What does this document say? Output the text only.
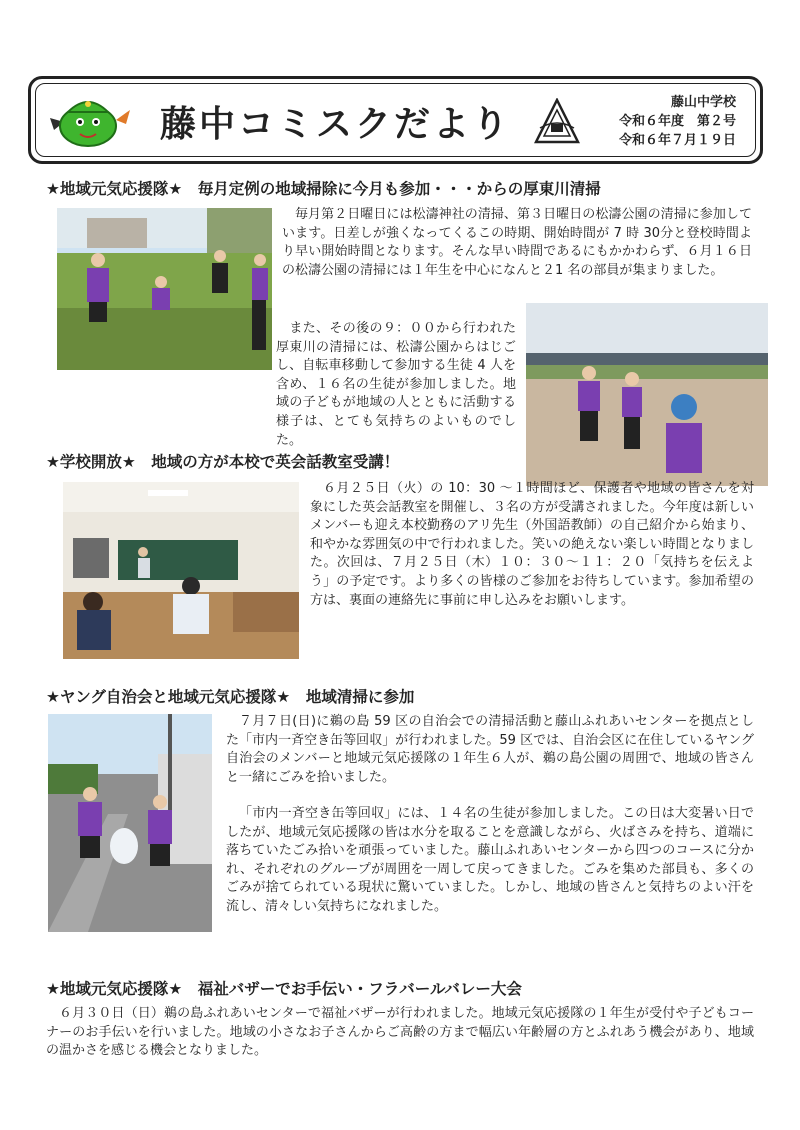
藤中コミスクだより
藤山中学校
令和６年度　第２号
令和６年７月１９日
★地域元気応援隊★　毎月定例の地域掃除に今月も参加・・・からの厚東川清掃

毎月第２日曜日には松濤神社の清掃、第３日曜日の松濤公園の清掃に参加しています。日差しが強くなってくるこの時期、開始時間が 7 時 30分と登校時間より早い開始時間となります。そんな早い時間であるにもかかわらず、６月１６日の松濤公園の清掃には１年生を中心になんと２1 名の部員が集まりました。

また、その後の９：００から行われた厚東川の清掃には、松濤公園からはじごし、自転車移動して参加する生徒 4 人を含め、１６名の生徒が参加しました。地域の子どもが地域の人とともに活動する様子は、とても気持ちのよいものでした。

★学校開放★　地域の方が本校で英会話教室受講！

６月２５日（火）の 10：30 ～１時間ほど、保護者や地域の皆さんを対象にした英会話教室を開催し、３名の方が受講されました。今年度は新しいメンバーも迎え本校勤務のアリ先生（外国語教師）の自己紹介から始まり、和やかな雰囲気の中で行われました。笑いの絶えない楽しい時間となりました。次回は、７月２５日（木）１０：３０～１１：２０「気持ちを伝えよう」の予定です。より多くの皆様のご参加をお待ちしています。参加希望の方は、裏面の連絡先に事前に申し込みをお願いします。

★ヤング自治会と地域元気応援隊★　地域清掃に参加

７月７日(日)に鵜の島 59 区の自治会での清掃活動と藤山ふれあいセンターを拠点とした「市内一斉空き缶等回収」が行われました。59 区では、自治会区に在住しているヤング自治会のメンバーと地域元気応援隊の１年生６人が、鵜の島公園の周囲で、地域の皆さんと一緒にごみを拾いました。

「市内一斉空き缶等回収」には、１４名の生徒が参加しました。この日は大変暑い日でしたが、地域元気応援隊の皆は水分を取ることを意識しながら、火ばさみを持ち、道端に落ちていたごみ拾いを頑張っていました。藤山ふれあいセンターから四つのコースに分かれ、それぞれのグループが周囲を一周して戻ってきました。ごみを集めた部員も、多くのごみが捨てられている現状に驚いていました。しかし、地域の皆さんと気持ちのよい汗を流し、清々しい気持ちになれました。

★地域元気応援隊★　福祉バザーでお手伝い・フラバールバレー大会

６月３０日（日）鵜の島ふれあいセンターで福祉バザーが行われました。地域元気応援隊の１年生が受付や子どもコーナーのお手伝いを行いました。地域の小さなお子さんからご高齢の方まで幅広い年齢層の方とふれあう機会があり、地域の温かさを感じる機会となりました。
